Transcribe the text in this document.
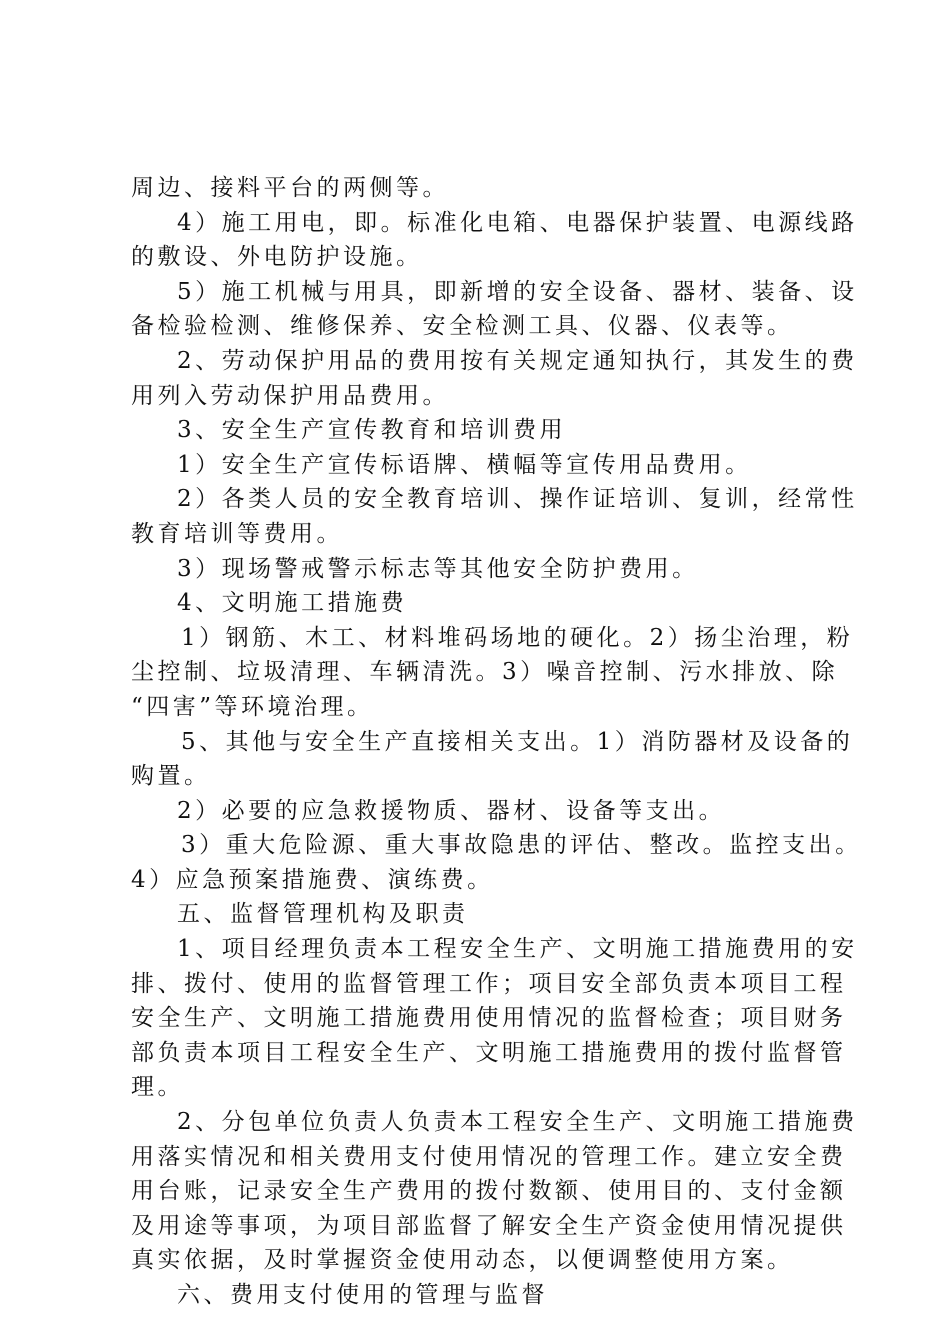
周边、接料平台的两侧等。
4）施工用电，即。标准化电箱、电器保护装置、电源线路
的敷设、外电防护设施。
5）施工机械与用具，即新增的安全设备、器材、装备、设
备检验检测、维修保养、安全检测工具、仪器、仪表等。
2、劳动保护用品的费用按有关规定通知执行，其发生的费
用列入劳动保护用品费用。
3、安全生产宣传教育和培训费用
1）安全生产宣传标语牌、横幅等宣传用品费用。
2）各类人员的安全教育培训、操作证培训、复训，经常性
教育培训等费用。
3）现场警戒警示标志等其他安全防护费用。
4、文明施工措施费
1）钢筋、木工、材料堆码场地的硬化。2）扬尘治理，粉
尘控制、垃圾清理、车辆清洗。3）噪音控制、污水排放、除
“四害”等环境治理。
5、其他与安全生产直接相关支出。1）消防器材及设备的
购置。
2）必要的应急救援物质、器材、设备等支出。
3）重大危险源、重大事故隐患的评估、整改。监控支出。
4）应急预案措施费、演练费。
五、监督管理机构及职责
1、项目经理负责本工程安全生产、文明施工措施费用的安
排、拨付、使用的监督管理工作；项目安全部负责本项目工程
安全生产、文明施工措施费用使用情况的监督检查；项目财务
部负责本项目工程安全生产、文明施工措施费用的拨付监督管
理。
2、分包单位负责人负责本工程安全生产、文明施工措施费
用落实情况和相关费用支付使用情况的管理工作。建立安全费
用台账，记录安全生产费用的拨付数额、使用目的、支付金额
及用途等事项，为项目部监督了解安全生产资金使用情况提供
真实依据，及时掌握资金使用动态，以便调整使用方案。
六、费用支付使用的管理与监督
